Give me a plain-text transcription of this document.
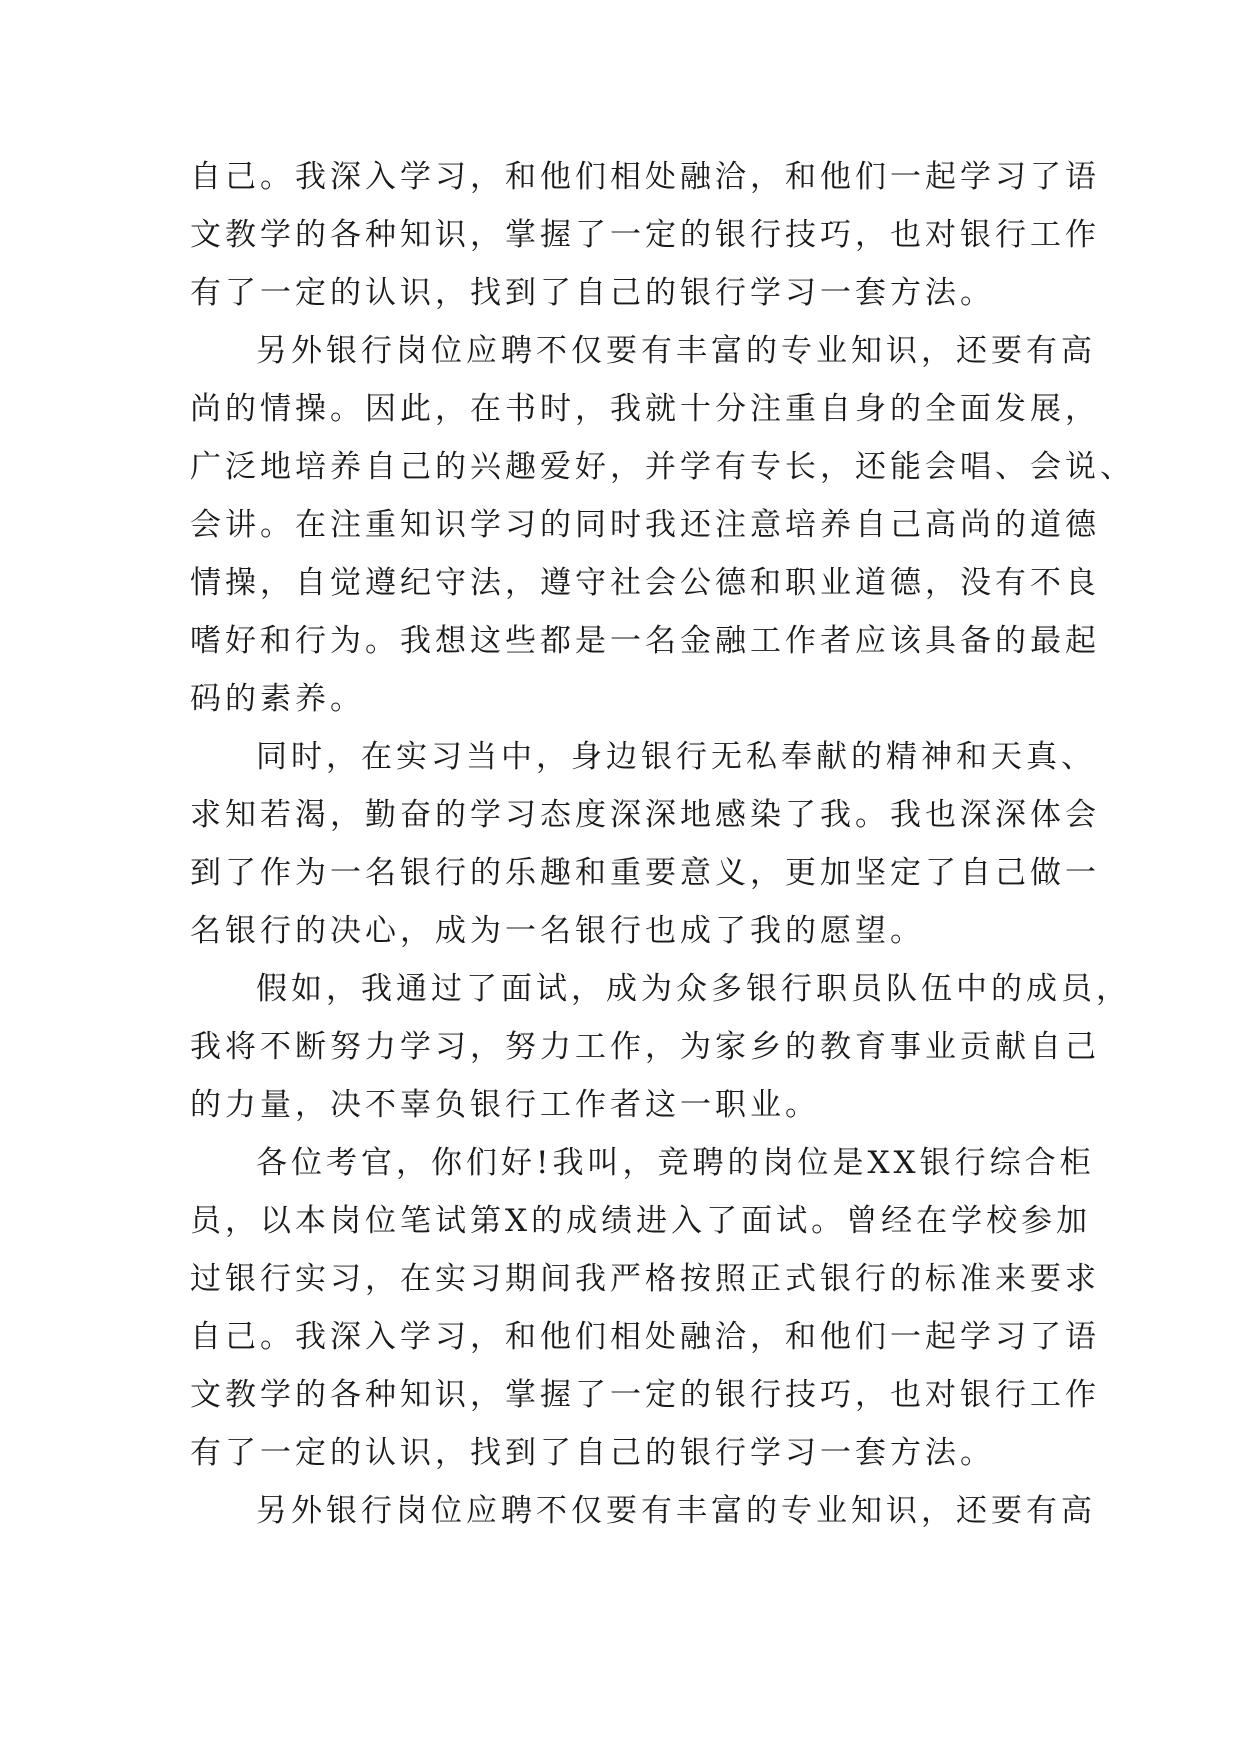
自己。我深入学习，和他们相处融洽，和他们一起学习了语
文教学的各种知识，掌握了一定的银行技巧，也对银行工作
有了一定的认识，找到了自己的银行学习一套方法。
另外银行岗位应聘不仅要有丰富的专业知识，还要有高
尚的情操。因此，在书时，我就十分注重自身的全面发展，
广泛地培养自己的兴趣爱好，并学有专长，还能会唱、会说、
会讲。在注重知识学习的同时我还注意培养自己高尚的道德
情操，自觉遵纪守法，遵守社会公德和职业道德，没有不良
嗜好和行为。我想这些都是一名金融工作者应该具备的最起
码的素养。
同时，在实习当中，身边银行无私奉献的精神和天真、
求知若渴，勤奋的学习态度深深地感染了我。我也深深体会
到了作为一名银行的乐趣和重要意义，更加坚定了自己做一
名银行的决心，成为一名银行也成了我的愿望。
假如，我通过了面试，成为众多银行职员队伍中的成员，
我将不断努力学习，努力工作，为家乡的教育事业贡献自己
的力量，决不辜负银行工作者这一职业。
各位考官，你们好!我叫，竞聘的岗位是XX银行综合柜
员，以本岗位笔试第X的成绩进入了面试。曾经在学校参加
过银行实习，在实习期间我严格按照正式银行的标准来要求
自己。我深入学习，和他们相处融洽，和他们一起学习了语
文教学的各种知识，掌握了一定的银行技巧，也对银行工作
有了一定的认识，找到了自己的银行学习一套方法。
另外银行岗位应聘不仅要有丰富的专业知识，还要有高
